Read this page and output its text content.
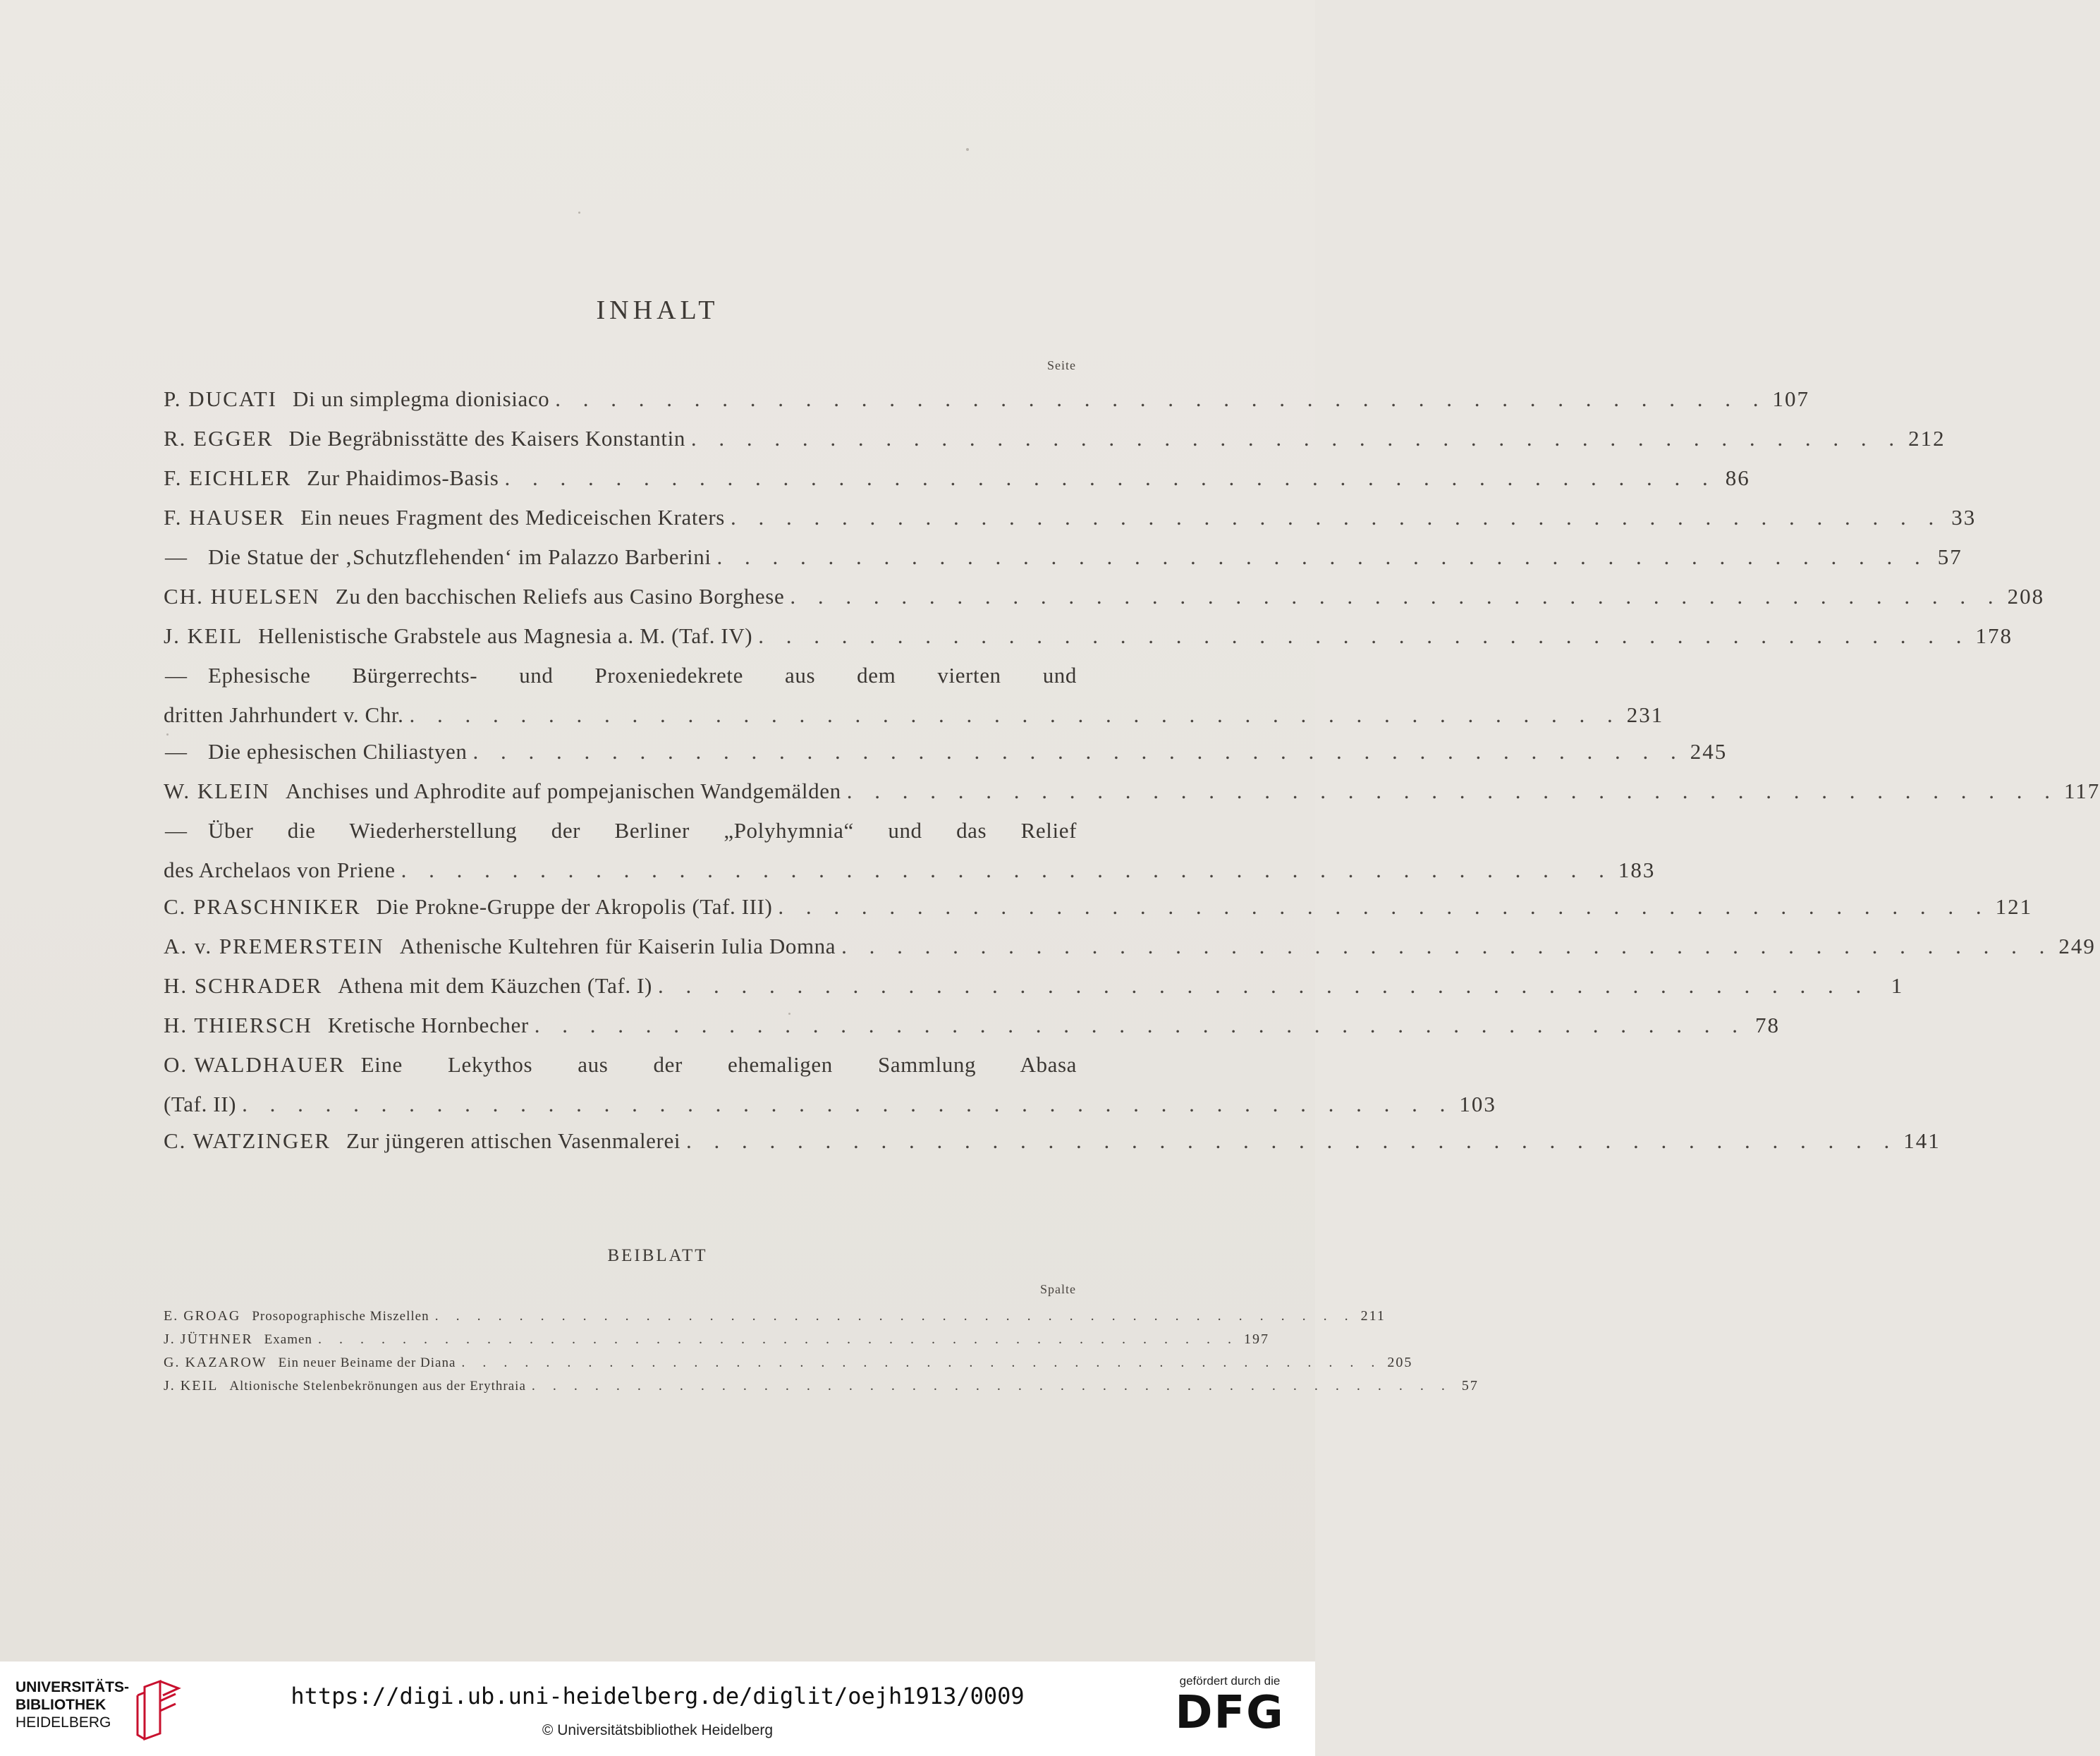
INHALT
Seite
P. DUCATI Di un simplegma dionisiaco . . . . . . . . . . . . . . . . . . . . . . . . . . . . . . . . . . . . . . . . . . . . 107
R. EGGER Die Begräbnisstätte des Kaisers Konstantin . . . . . . . . . . . . . . . . . . . . . . . . . . . . . . . . . . . . . . . . . . . . 212
F. EICHLER Zur Phaidimos-Basis . . . . . . . . . . . . . . . . . . . . . . . . . . . . . . . . . . . . . . . . . . . . 86
F. HAUSER Ein neues Fragment des Mediceischen Kraters . . . . . . . . . . . . . . . . . . . . . . . . . . . . . . . . . . . . . . . . . . . . 33
— Die Statue der ‚Schutzflehenden‘ im Palazzo Barberini . . . . . . . . . . . . . . . . . . . . . . . . . . . . . . . . . . . . . . . . . . . . 57
CH. HUELSEN Zu den bacchischen Reliefs aus Casino Borghese . . . . . . . . . . . . . . . . . . . . . . . . . . . . . . . . . . . . . . . . . . . . 208
J. KEIL Hellenistische Grabstele aus Magnesia a. M. (Taf. IV) . . . . . . . . . . . . . . . . . . . . . . . . . . . . . . . . . . . . . . . . . . . . 178
— Ephesische Bürgerrechts- und Proxeniedekrete aus dem vierten und
dritten Jahrhundert v. Chr. . . . . . . . . . . . . . . . . . . . . . . . . . . . . . . . . . . . . . . . . . . . . 231
— Die ephesischen Chiliastyen . . . . . . . . . . . . . . . . . . . . . . . . . . . . . . . . . . . . . . . . . . . . 245
W. KLEIN Anchises und Aphrodite auf pompejanischen Wandgemälden . . . . . . . . . . . . . . . . . . . . . . . . . . . . . . . . . . . . . . . . . . . . 117
— Über die Wiederherstellung der Berliner „Polyhymnia“ und das Relief
des Archelaos von Priene . . . . . . . . . . . . . . . . . . . . . . . . . . . . . . . . . . . . . . . . . . . . 183
C. PRASCHNIKER Die Prokne-Gruppe der Akropolis (Taf. III) . . . . . . . . . . . . . . . . . . . . . . . . . . . . . . . . . . . . . . . . . . . . 121
A. v. PREMERSTEIN Athenische Kultehren für Kaiserin Iulia Domna . . . . . . . . . . . . . . . . . . . . . . . . . . . . . . . . . . . . . . . . . . . . 249
H. SCHRADER Athena mit dem Käuzchen (Taf. I) . . . . . . . . . . . . . . . . . . . . . . . . . . . . . . . . . . . . . . . . . . . . 1
H. THIERSCH Kretische Hornbecher . . . . . . . . . . . . . . . . . . . . . . . . . . . . . . . . . . . . . . . . . . . . 78
O. WALDHAUER Eine Lekythos aus der ehemaligen Sammlung Abasa
(Taf. II) . . . . . . . . . . . . . . . . . . . . . . . . . . . . . . . . . . . . . . . . . . . . 103
C. WATZINGER Zur jüngeren attischen Vasenmalerei . . . . . . . . . . . . . . . . . . . . . . . . . . . . . . . . . . . . . . . . . . . . 141
BEIBLATT
Spalte
E. GROAG Prosopographische Miszellen . . . . . . . . . . . . . . . . . . . . . . . . . . . . . . . . . . . . . . . . . . . . 211
J. JÜTHNER Examen . . . . . . . . . . . . . . . . . . . . . . . . . . . . . . . . . . . . . . . . . . . . 197
G. KAZAROW Ein neuer Beiname der Diana . . . . . . . . . . . . . . . . . . . . . . . . . . . . . . . . . . . . . . . . . . . . 205
J. KEIL Altionische Stelenbekrönungen aus der Erythraia . . . . . . . . . . . . . . . . . . . . . . . . . . . . . . . . . . . . . . . . . . . . 57
UNIVERSITÄTS-
BIBLIOTHEK
HEIDELBERG
https://digi.ub.uni-heidelberg.de/diglit/oejh1913/0009
© Universitätsbibliothek Heidelberg
gefördert durch die
DFG
